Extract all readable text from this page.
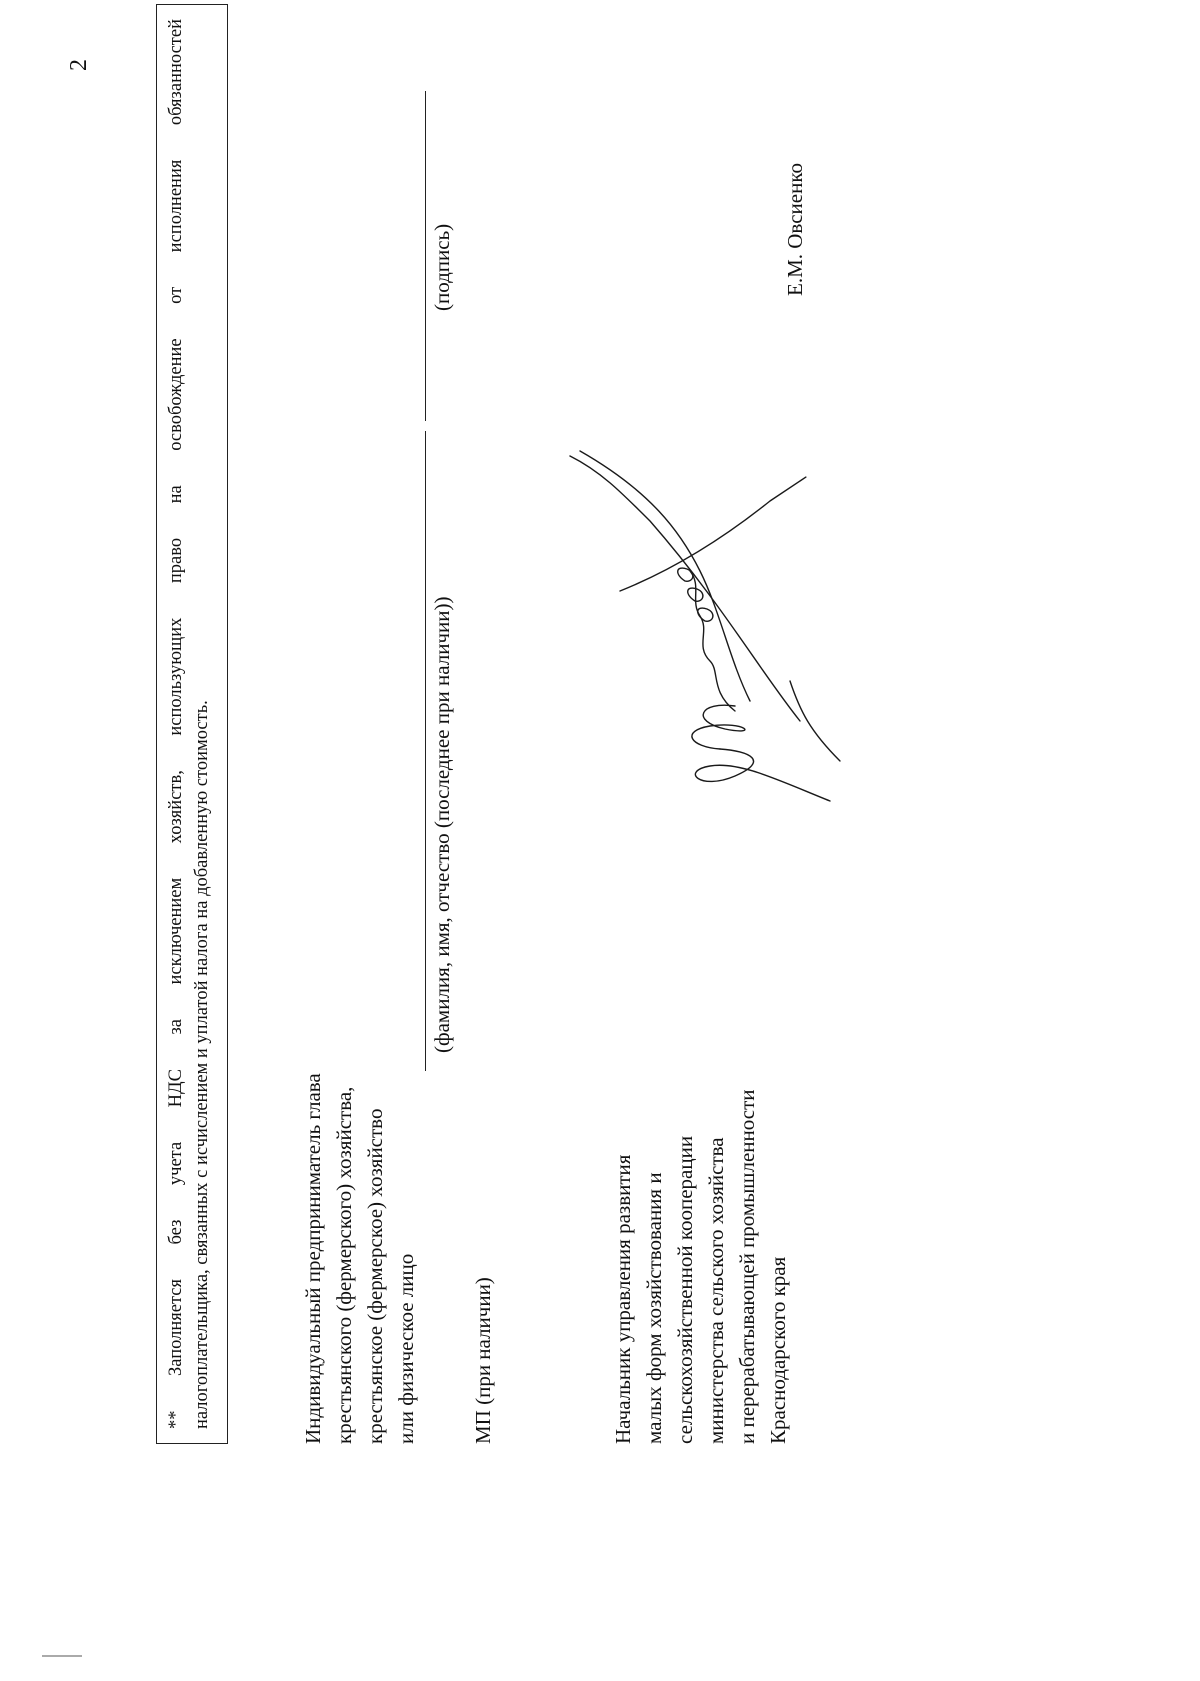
2	** Заполняется без учета НДС за исключением хозяйств, использующих право на освобождение от исполнения обязанностей налогоплательщика, связанных с исчислением и уплатой налога на добавленную стоимость.	Индивидуальный предприниматель глава крестьянского (фермерского) хозяйства, крестьянское (фермерское) хозяйство или физическое лицо
(фамилия, имя, отчество (последнее при наличии))
(подпись)
МП (при наличии)	Начальник управления развития малых форм хозяйствования и сельскохозяйственной кооперации министерства сельского хозяйства и перерабатывающей промышленности Краснодарского края
Е.М. Овсиенко
